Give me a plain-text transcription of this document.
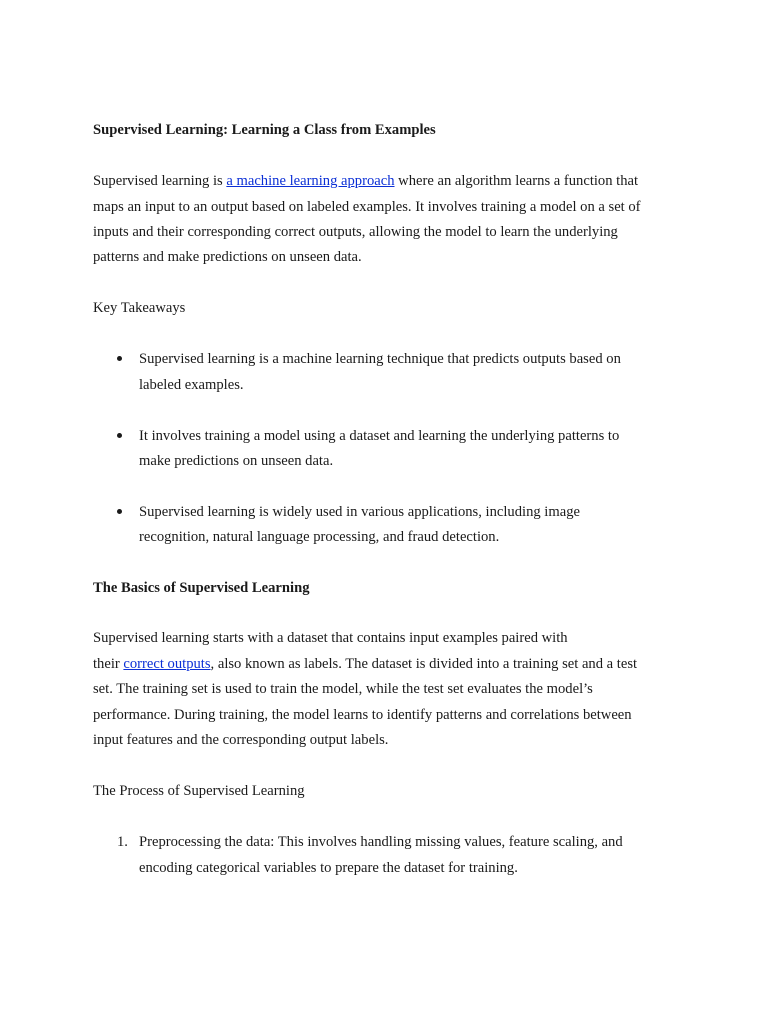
Supervised Learning: Learning a Class from Examples
Supervised learning is a machine learning approach where an algorithm learns a function that
maps an input to an output based on labeled examples. It involves training a model on a set of
inputs and their corresponding correct outputs, allowing the model to learn the underlying
patterns and make predictions on unseen data.
Key Takeaways
Supervised learning is a machine learning technique that predicts outputs based on
labeled examples.
It involves training a model using a dataset and learning the underlying patterns to
make predictions on unseen data.
Supervised learning is widely used in various applications, including image
recognition, natural language processing, and fraud detection.
The Basics of Supervised Learning
Supervised learning starts with a dataset that contains input examples paired with
their correct outputs, also known as labels. The dataset is divided into a training set and a test
set. The training set is used to train the model, while the test set evaluates the model’s
performance. During training, the model learns to identify patterns and correlations between
input features and the corresponding output labels.
The Process of Supervised Learning
1. Preprocessing the data: This involves handling missing values, feature scaling, and
encoding categorical variables to prepare the dataset for training.
